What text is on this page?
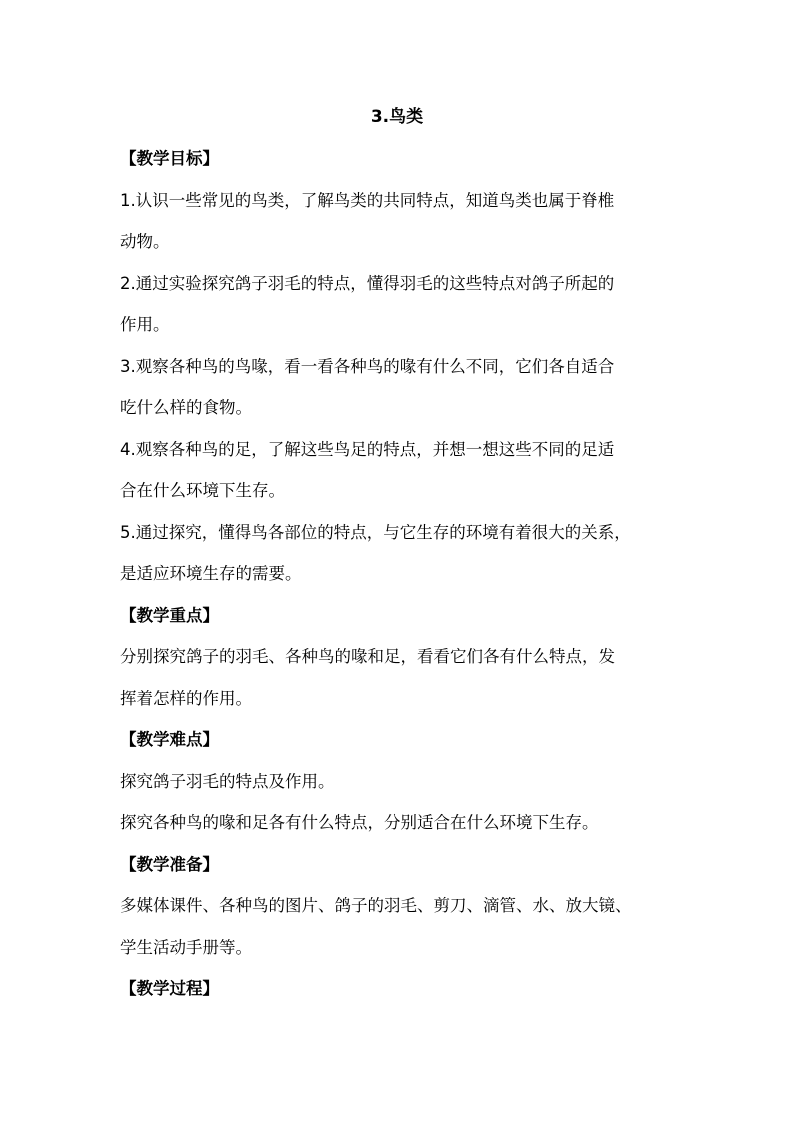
3.鸟类
【教学目标】
1.认识一些常见的鸟类，了解鸟类的共同特点，知道鸟类也属于脊椎
动物。
2.通过实验探究鸽子羽毛的特点，懂得羽毛的这些特点对鸽子所起的
作用。
3.观察各种鸟的鸟喙，看一看各种鸟的喙有什么不同，它们各自适合
吃什么样的食物。
4.观察各种鸟的足，了解这些鸟足的特点，并想一想这些不同的足适
合在什么环境下生存。
5.通过探究，懂得鸟各部位的特点，与它生存的环境有着很大的关系，
是适应环境生存的需要。
【教学重点】
分别探究鸽子的羽毛、各种鸟的喙和足，看看它们各有什么特点，发
挥着怎样的作用。
【教学难点】
探究鸽子羽毛的特点及作用。
探究各种鸟的喙和足各有什么特点，分别适合在什么环境下生存。
【教学准备】
多媒体课件、各种鸟的图片、鸽子的羽毛、剪刀、滴管、水、放大镜、
学生活动手册等。
【教学过程】
